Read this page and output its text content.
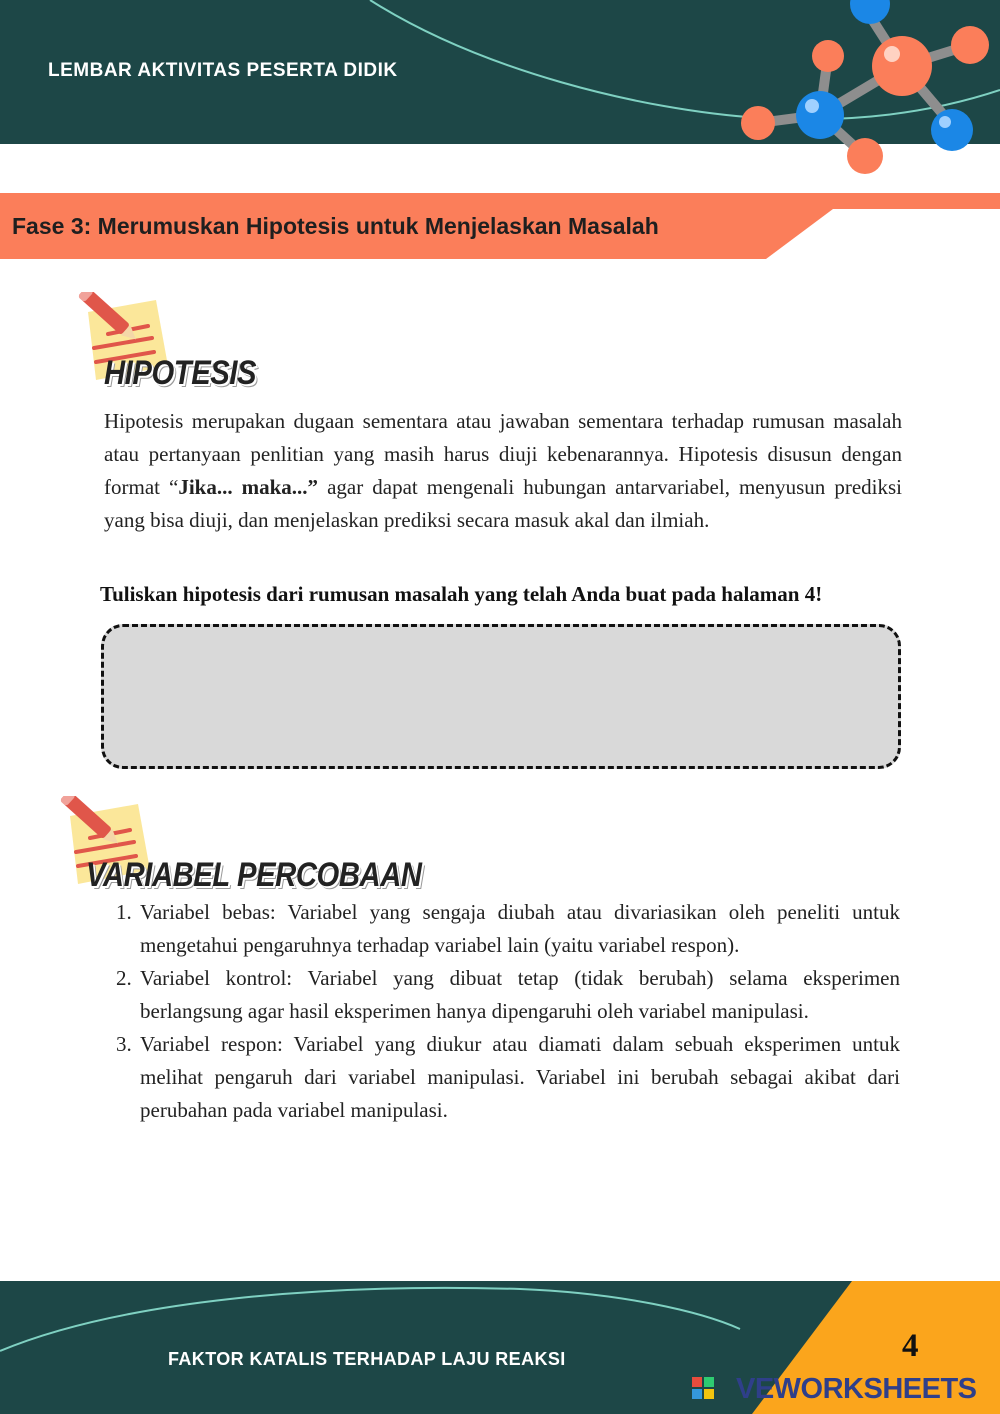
LEMBAR AKTIVITAS PESERTA DIDIK
Fase 3: Merumuskan Hipotesis untuk Menjelaskan Masalah
HIPOTESIS

Hipotesis merupakan dugaan sementara atau jawaban sementara terhadap rumusan masalah atau pertanyaan penlitian yang masih harus diuji kebenarannya. Hipotesis disusun dengan format “Jika... maka...” agar dapat mengenali hubungan antarvariabel, menyusun prediksi yang bisa diuji, dan menjelaskan prediksi secara masuk akal dan ilmiah.

Tuliskan hipotesis dari rumusan masalah yang telah Anda buat pada halaman 4!
VARIABEL PERCOBAAN
1. Variabel bebas: Variabel yang sengaja diubah atau divariasikan oleh peneliti untuk mengetahui pengaruhnya terhadap variabel lain (yaitu variabel respon).
2. Variabel kontrol: Variabel yang dibuat tetap (tidak berubah) selama eksperimen berlangsung agar hasil eksperimen hanya dipengaruhi oleh variabel manipulasi.
3. Variabel respon: Variabel yang diukur atau diamati dalam sebuah eksperimen untuk melihat pengaruh dari variabel manipulasi. Variabel ini berubah sebagai akibat dari perubahan pada variabel manipulasi.
FAKTOR KATALIS TERHADAP LAJU REAKSI	4
VEWORKSHEETS
